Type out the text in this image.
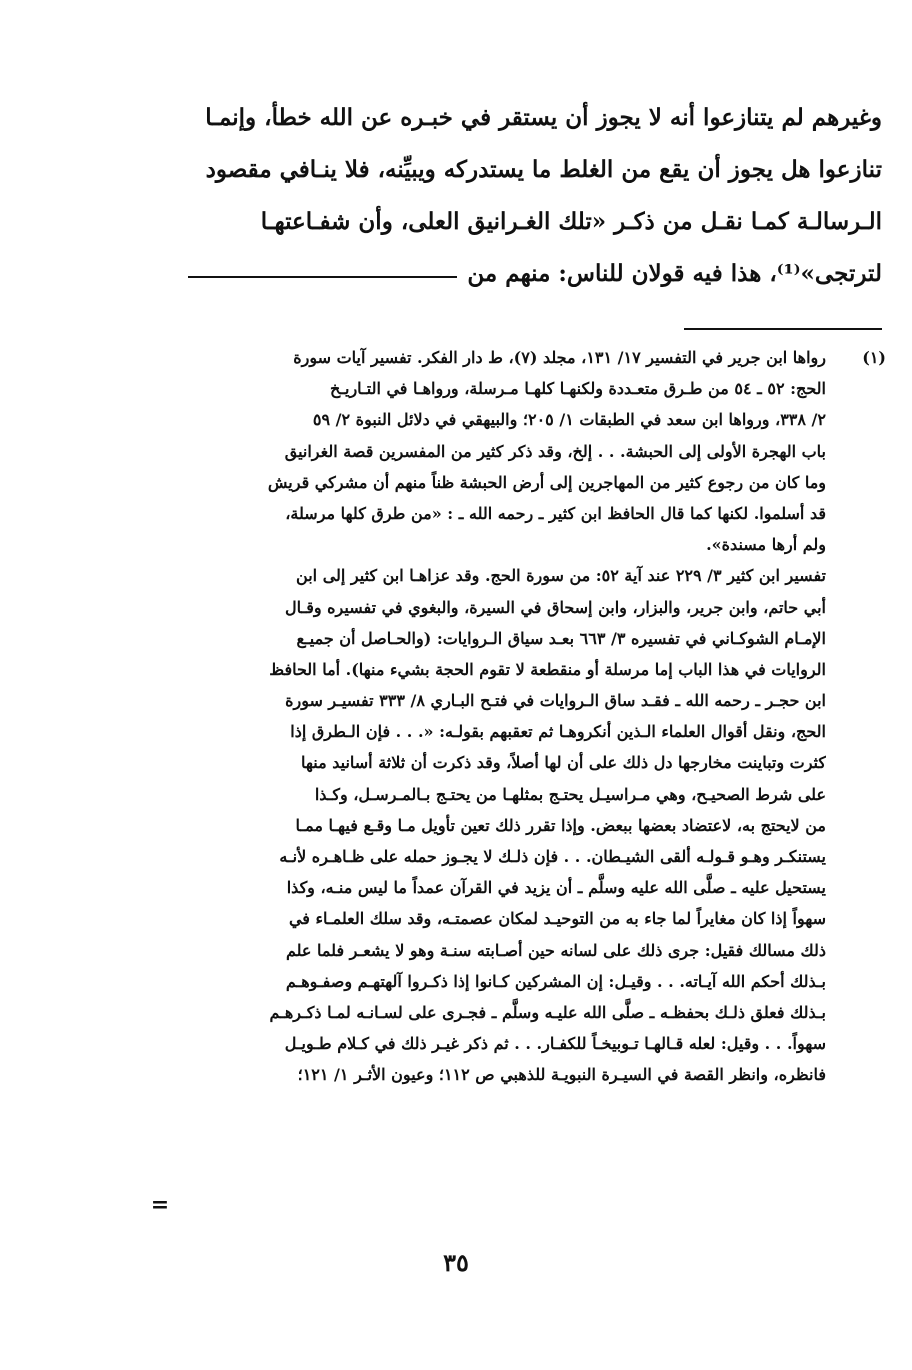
وغيرهم لم يتنازعوا أنه لا يجوز أن يستقر في خبـره عن الله خطأ، وإنمـا
تنازعوا هل يجوز أن يقع من الغلط ما يستدركه ويبيِّنه، فلا ينـافي مقصود
الـرسالـة كمـا نقـل من ذكـر «تلك الغـرانيق العلى، وأن شفـاعتهـا
لترتجى»⁽¹⁾، هذا فيه قولان للناس: منهم من
(١)
رواها ابن جرير في التفسير ١٧/ ١٣١، مجلد (٧)، ط دار الفكر. تفسير آيات سورة
الحج: ٥٢ ـ ٥٤ من طـرق متعـددة ولكنهـا كلهـا مـرسلة، ورواهـا في التـاريـخ
٢/ ٣٣٨، ورواها ابن سعد في الطبقات ١/ ٢٠٥؛ والبيهقي في دلائل النبوة ٢/ ٥٩
باب الهجرة الأولى إلى الحبشة. . . إلخ، وقد ذكر كثير من المفسرين قصة الغرانيق
وما كان من رجوع كثير من المهاجرين إلى أرض الحبشة ظناً منهم أن مشركي قريش
قد أسلموا. لكنها كما قال الحافظ ابن كثير ـ رحمه الله ـ : «من طرق كلها مرسلة،
ولم أرها مسندة».
تفسير ابن كثير ٣/ ٢٢٩ عند آية ٥٢: من سورة الحج. وقد عزاهـا ابن كثير إلى ابن
أبي حاتم، وابن جرير، والبزار، وابن إسحاق في السيرة، والبغوي في تفسيره وقـال
الإمـام الشوكـاني في تفسيره ٣/ ٦٦٣ بعـد سياق الـروايات: (والحـاصل أن جميـع
الروايات في هذا الباب إما مرسلة أو منقطعة لا تقوم الحجة بشيء منها). أما الحافظ
ابن حجـر ـ رحمه الله ـ فقـد ساق الـروايات في فتـح البـاري ٨/ ٣٣٣ تفسيـر سورة
الحج، ونقل أقوال العلماء الـذين أنكروهـا ثم تعقبهم بقولـه: «. . . فإن الـطرق إذا
كثرت وتباينت مخارجها دل ذلك على أن لها أصلاً، وقد ذكرت أن ثلاثة أسانيد منها
على شرط الصحيـح، وهي مـراسيـل يحتـج بمثلهـا من يحتـج بـالمـرسـل، وكـذا
من لايحتج به، لاعتضاد بعضها ببعض. وإذا تقرر ذلك تعين تأويل مـا وقـع فيهـا ممـا
يستنكـر وهـو قـولـه ألقى الشيـطان. . . فإن ذلـك لا يجـوز حمله على ظـاهـره لأنـه
يستحيل عليه ـ صلَّى الله عليه وسلَّم ـ أن يزيد في القرآن عمداً ما ليس منـه، وكذا
سهواً إذا كان مغايراً لما جاء به من التوحيـد لمكان عصمتـه، وقد سلك العلمـاء في
ذلك مسالك فقيل: جرى ذلك على لسانه حين أصـابته سنـة وهو لا يشعـر فلما علم
بـذلك أحكم الله آيـاته. . . وقيـل: إن المشركين كـانوا إذا ذكـروا آلهتهـم وصفـوهـم
بـذلك فعلق ذلـك بحفظـه ـ صلَّى الله عليـه وسلَّم ـ فجـرى على لسـانـه لمـا ذكـرهـم
سهواً. . . وقيل: لعله قـالهـا تـوبيخـاً للكفـار. . . ثم ذكر غيـر ذلك في كـلام طـويـل
فانظره، وانظر القصة في السيـرة النبويـة للذهبي ص ١١٢؛ وعيون الأثـر ١/ ١٢١؛
=
٣٥
